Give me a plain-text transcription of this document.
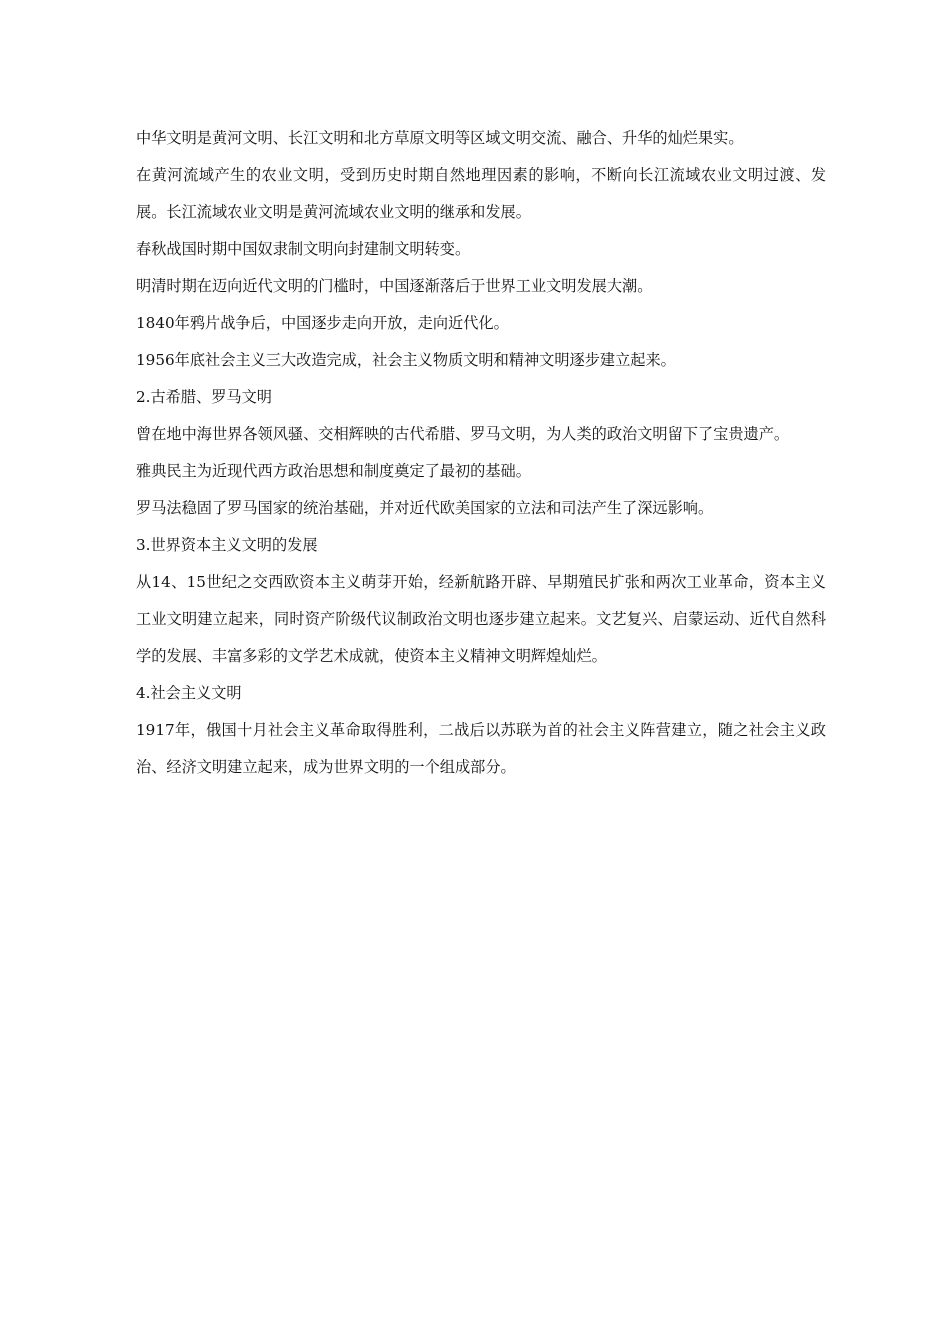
中华文明是黄河文明、长江文明和北方草原文明等区域文明交流、融合、升华的灿烂果实。

在黄河流域产生的农业文明，受到历史时期自然地理因素的影响，不断向长江流域农业文明过渡、发展。长江流域农业文明是黄河流域农业文明的继承和发展。

春秋战国时期中国奴隶制文明向封建制文明转变。

明清时期在迈向近代文明的门槛时，中国逐渐落后于世界工业文明发展大潮。

1840年鸦片战争后，中国逐步走向开放，走向近代化。

1956年底社会主义三大改造完成，社会主义物质文明和精神文明逐步建立起来。

2.古希腊、罗马文明

曾在地中海世界各领风骚、交相辉映的古代希腊、罗马文明，为人类的政治文明留下了宝贵遗产。

雅典民主为近现代西方政治思想和制度奠定了最初的基础。

罗马法稳固了罗马国家的统治基础，并对近代欧美国家的立法和司法产生了深远影响。

3.世界资本主义文明的发展

从14、15世纪之交西欧资本主义萌芽开始，经新航路开辟、早期殖民扩张和两次工业革命，资本主义工业文明建立起来，同时资产阶级代议制政治文明也逐步建立起来。文艺复兴、启蒙运动、近代自然科学的发展、丰富多彩的文学艺术成就，使资本主义精神文明辉煌灿烂。

4.社会主义文明

1917年，俄国十月社会主义革命取得胜利，二战后以苏联为首的社会主义阵营建立，随之社会主义政治、经济文明建立起来，成为世界文明的一个组成部分。
